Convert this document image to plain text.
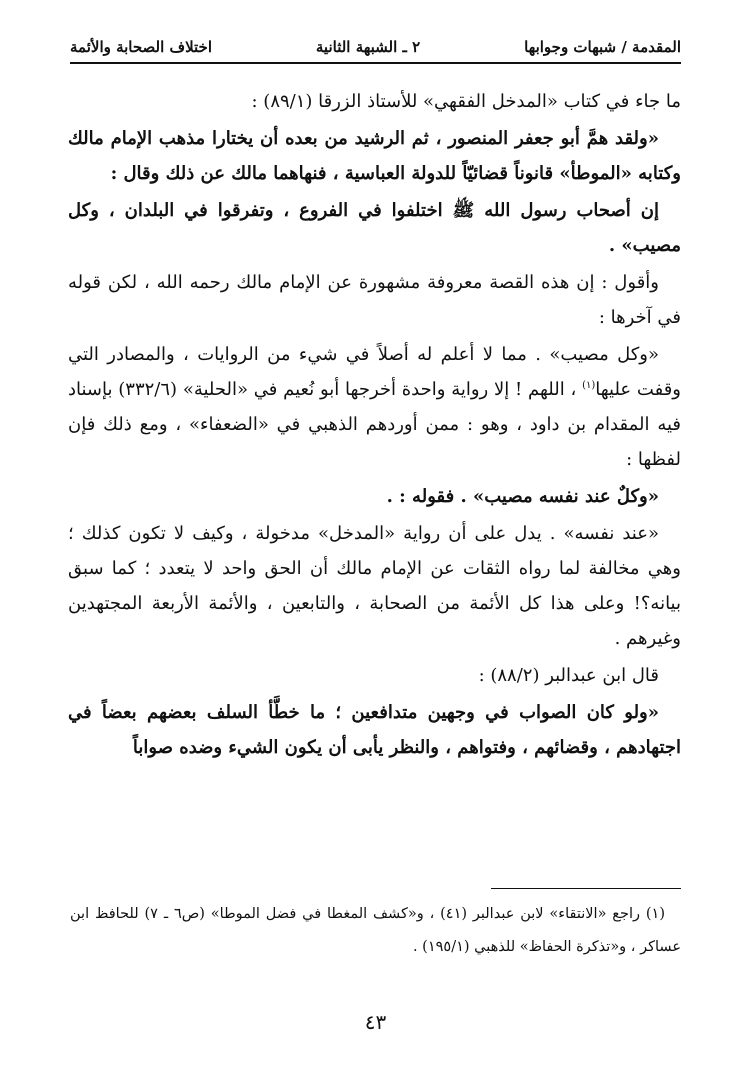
المقدمة / شبهات وجوابها
٢ ـ الشبهة الثانية
اختلاف الصحابة والأئمة

ما جاء في كتاب «المدخل الفقهي» للأستاذ الزرقا (٨٩/١) :

«ولقد همَّ أبو جعفر المنصور ، ثم الرشيد من بعده أن يختارا مذهب الإمام مالك وكتابه «الموطأ» قانوناً قضائيّاً للدولة العباسية ، فنهاهما مالك عن ذلك وقال :

إن أصحاب رسول الله ﷺ اختلفوا في الفروع ، وتفرقوا في البلدان ، وكل مصيب» .

وأقول : إن هذه القصة معروفة مشهورة عن الإمام مالك رحمه الله ، لكن قوله في آخرها :

«وكل مصيب» . مما لا أعلم له أصلاً في شيء من الروايات ، والمصادر التي وقفت عليها$^{(١)}$ ، اللهم ! إلا رواية واحدة أخرجها أبو نُعيم في «الحلية» (٣٣٢/٦) بإسناد فيه المقدام بن داود ، وهو : ممن أوردهم الذهبي في «الضعفاء» ، ومع ذلك فإن لفظها :

«وكلٌ عند نفسه مصيب» . فقوله : .

«عند نفسه» . يدل على أن رواية «المدخل» مدخولة ، وكيف لا تكون كذلك ؛ وهي مخالفة لما رواه الثقات عن الإمام مالك أن الحق واحد لا يتعدد ؛ كما سبق بيانه؟! وعلى هذا كل الأئمة من الصحابة ، والتابعين ، والأئمة الأربعة المجتهدين وغيرهم .

قال ابن عبدالبر (٨٨/٢) :

«ولو كان الصواب في وجهين متدافعين ؛ ما خطَّأ السلف بعضهم بعضاً في اجتهادهم ، وقضائهم ، وفتواهم ، والنظر يأبى أن يكون الشيء وضده صواباً

(١) راجع «الانتقاء» لابن عبدالبر (٤١) ، و«كشف المغطا في فضل الموطا» (ص٦ ـ ٧) للحافظ ابن عساكر ، و«تذكرة الحفاظ» للذهبي (١٩٥/١) .

٤٣
